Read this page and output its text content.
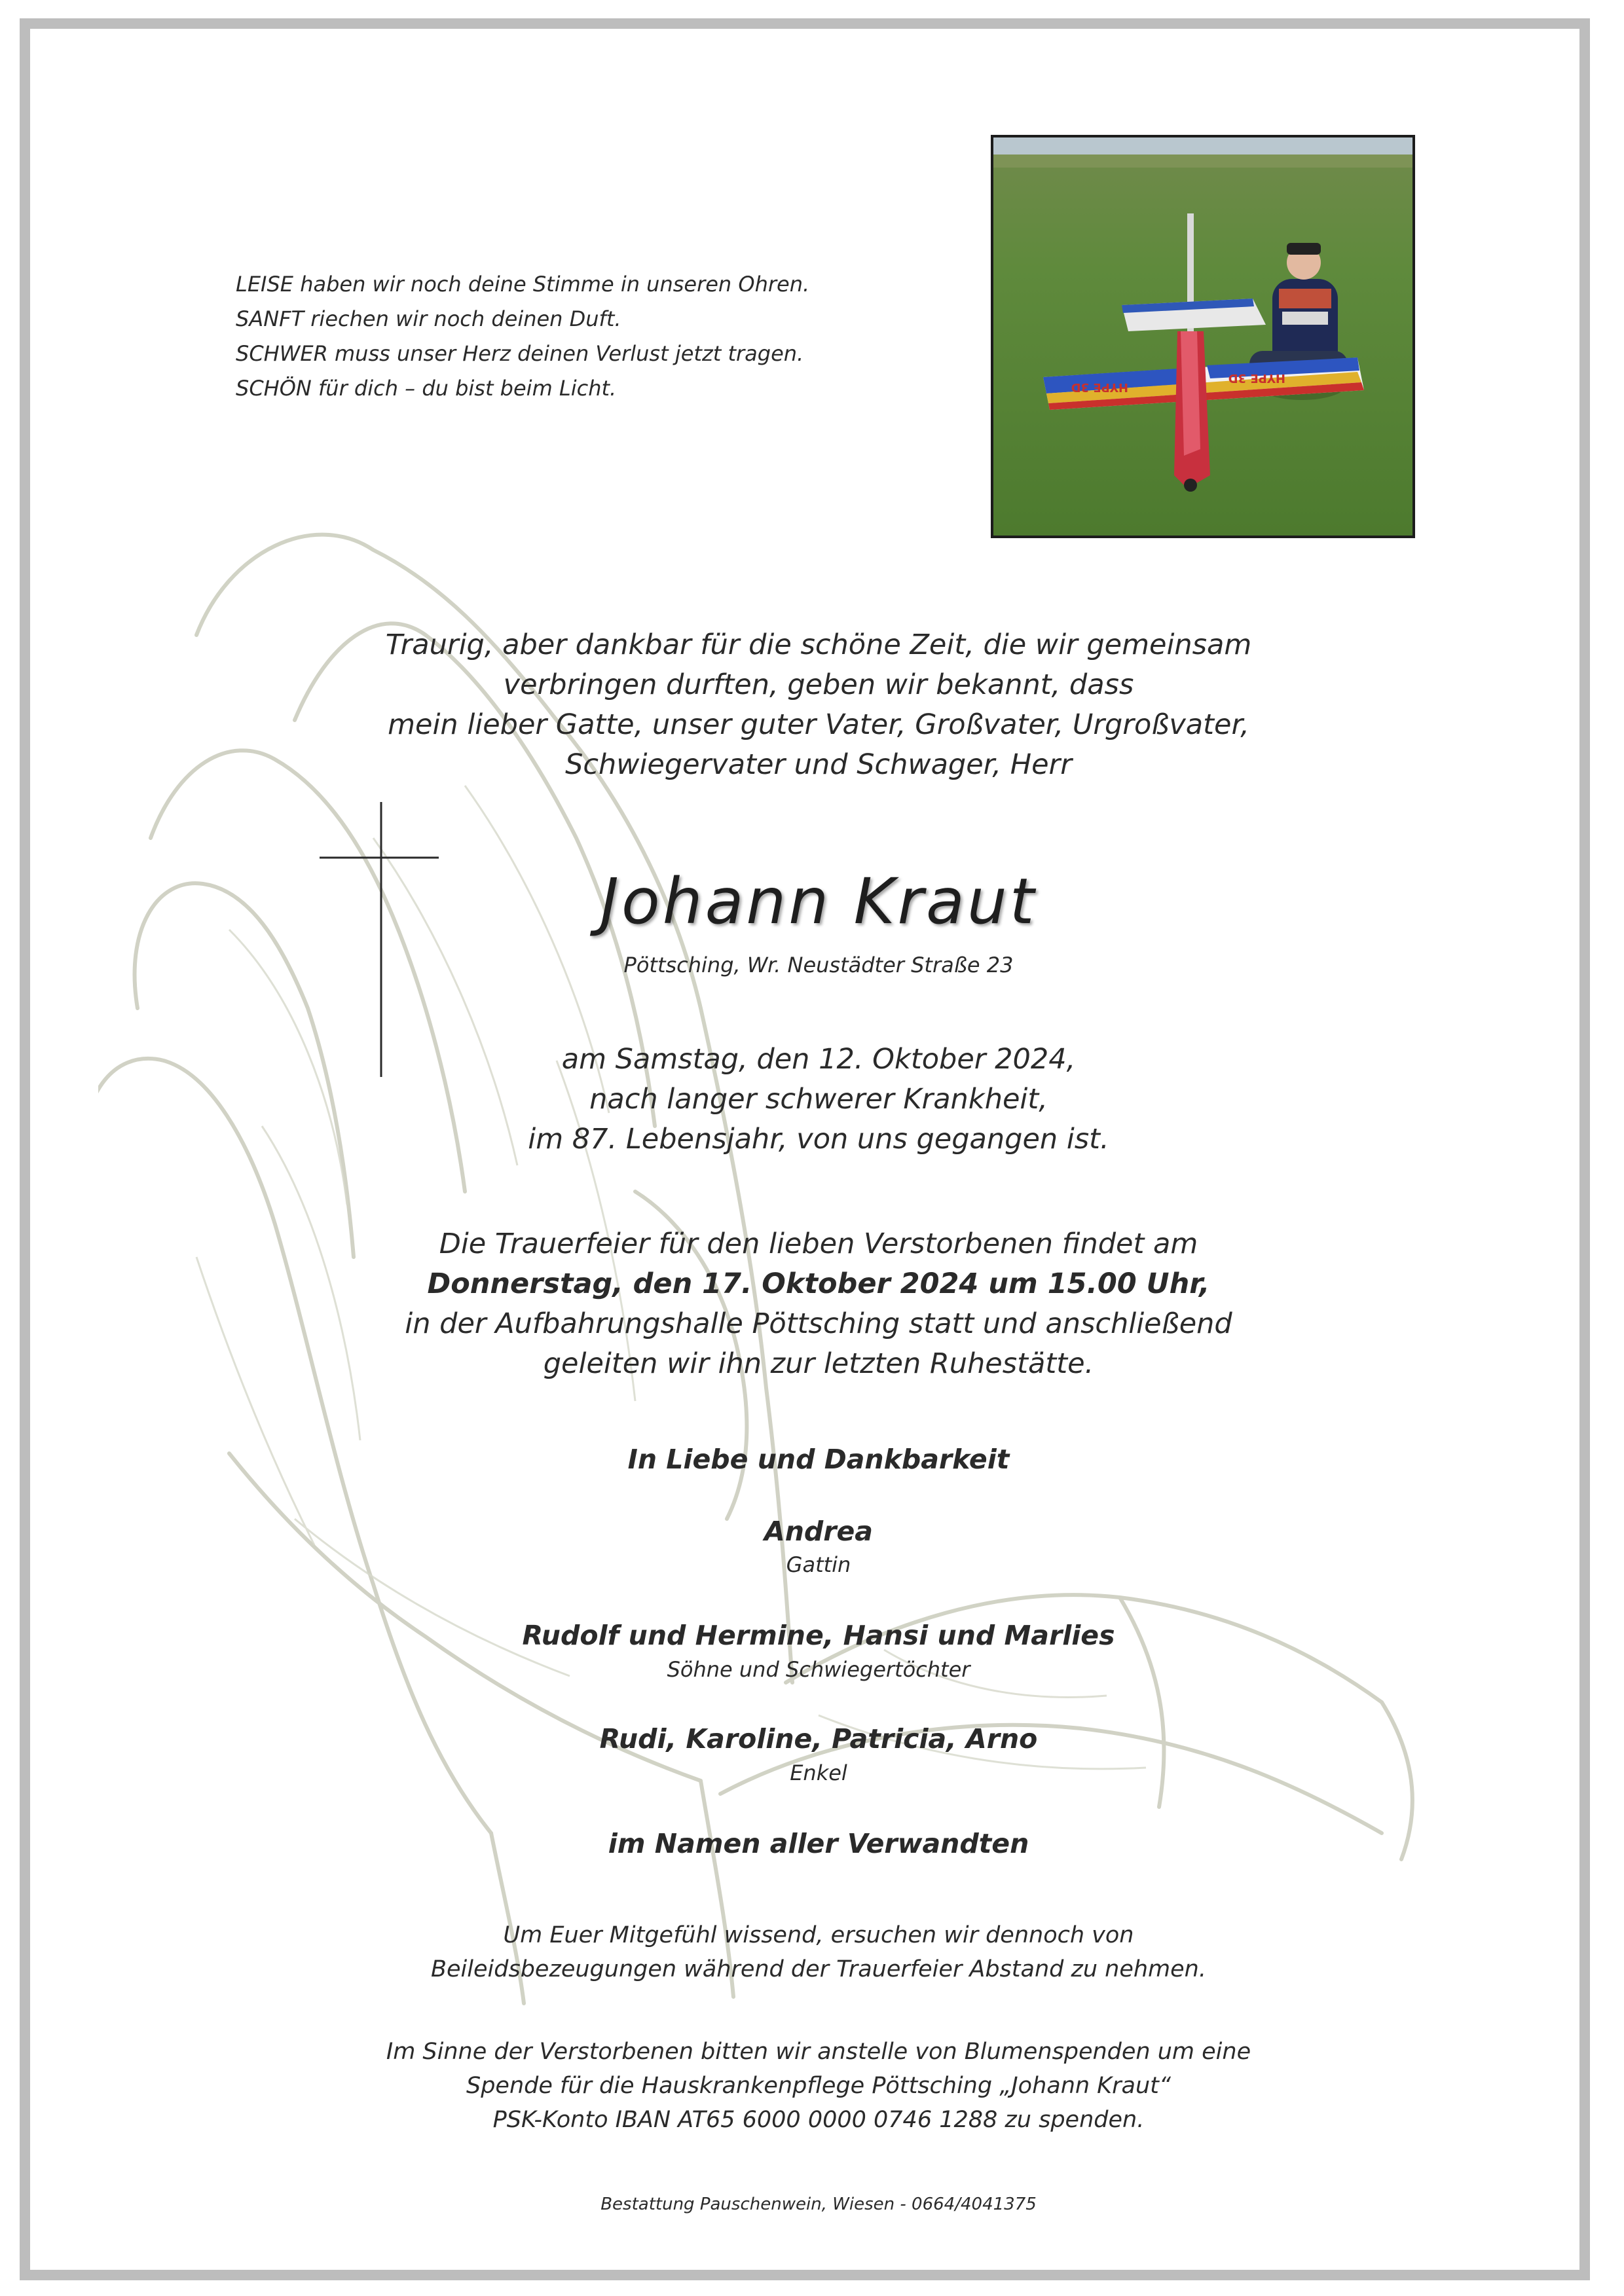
LEISE haben wir noch deine Stimme in unseren Ohren.
SANFT riechen wir noch deinen Duft.
SCHWER muss unser Herz deinen Verlust jetzt tragen.
SCHÖN für dich – du bist beim Licht.	HYPE 3D
HYPE 3D
Traurig, aber dankbar für die schöne Zeit, die wir gemeinsam
verbringen durften, geben wir bekannt, dass
mein lieber Gatte, unser guter Vater, Großvater, Urgroßvater,
Schwiegervater und Schwager, Herr
Johann Kraut
Pöttsching, Wr. Neustädter Straße 23
am Samstag, den 12. Oktober 2024,
nach langer schwerer Krankheit,
im 87. Lebensjahr, von uns gegangen ist.
Die Trauerfeier für den lieben Verstorbenen findet am
Donnerstag, den 17. Oktober 2024 um 15.00 Uhr,
in der Aufbahrungshalle Pöttsching statt und anschließend
geleiten wir ihn zur letzten Ruhestätte.
In Liebe und Dankbarkeit
Andrea
Gattin
Rudolf und Hermine, Hansi und Marlies
Söhne und Schwiegertöchter
Rudi, Karoline, Patricia, Arno
Enkel
im Namen aller Verwandten
Um Euer Mitgefühl wissend, ersuchen wir dennoch von
Beileidsbezeugungen während der Trauerfeier Abstand zu nehmen.
Im Sinne der Verstorbenen bitten wir anstelle von Blumenspenden um eine
Spende für die Hauskrankenpflege Pöttsching „Johann Kraut“
PSK-Konto IBAN AT65 6000 0000 0746 1288 zu spenden.
Bestattung Pauschenwein, Wiesen - 0664/4041375
